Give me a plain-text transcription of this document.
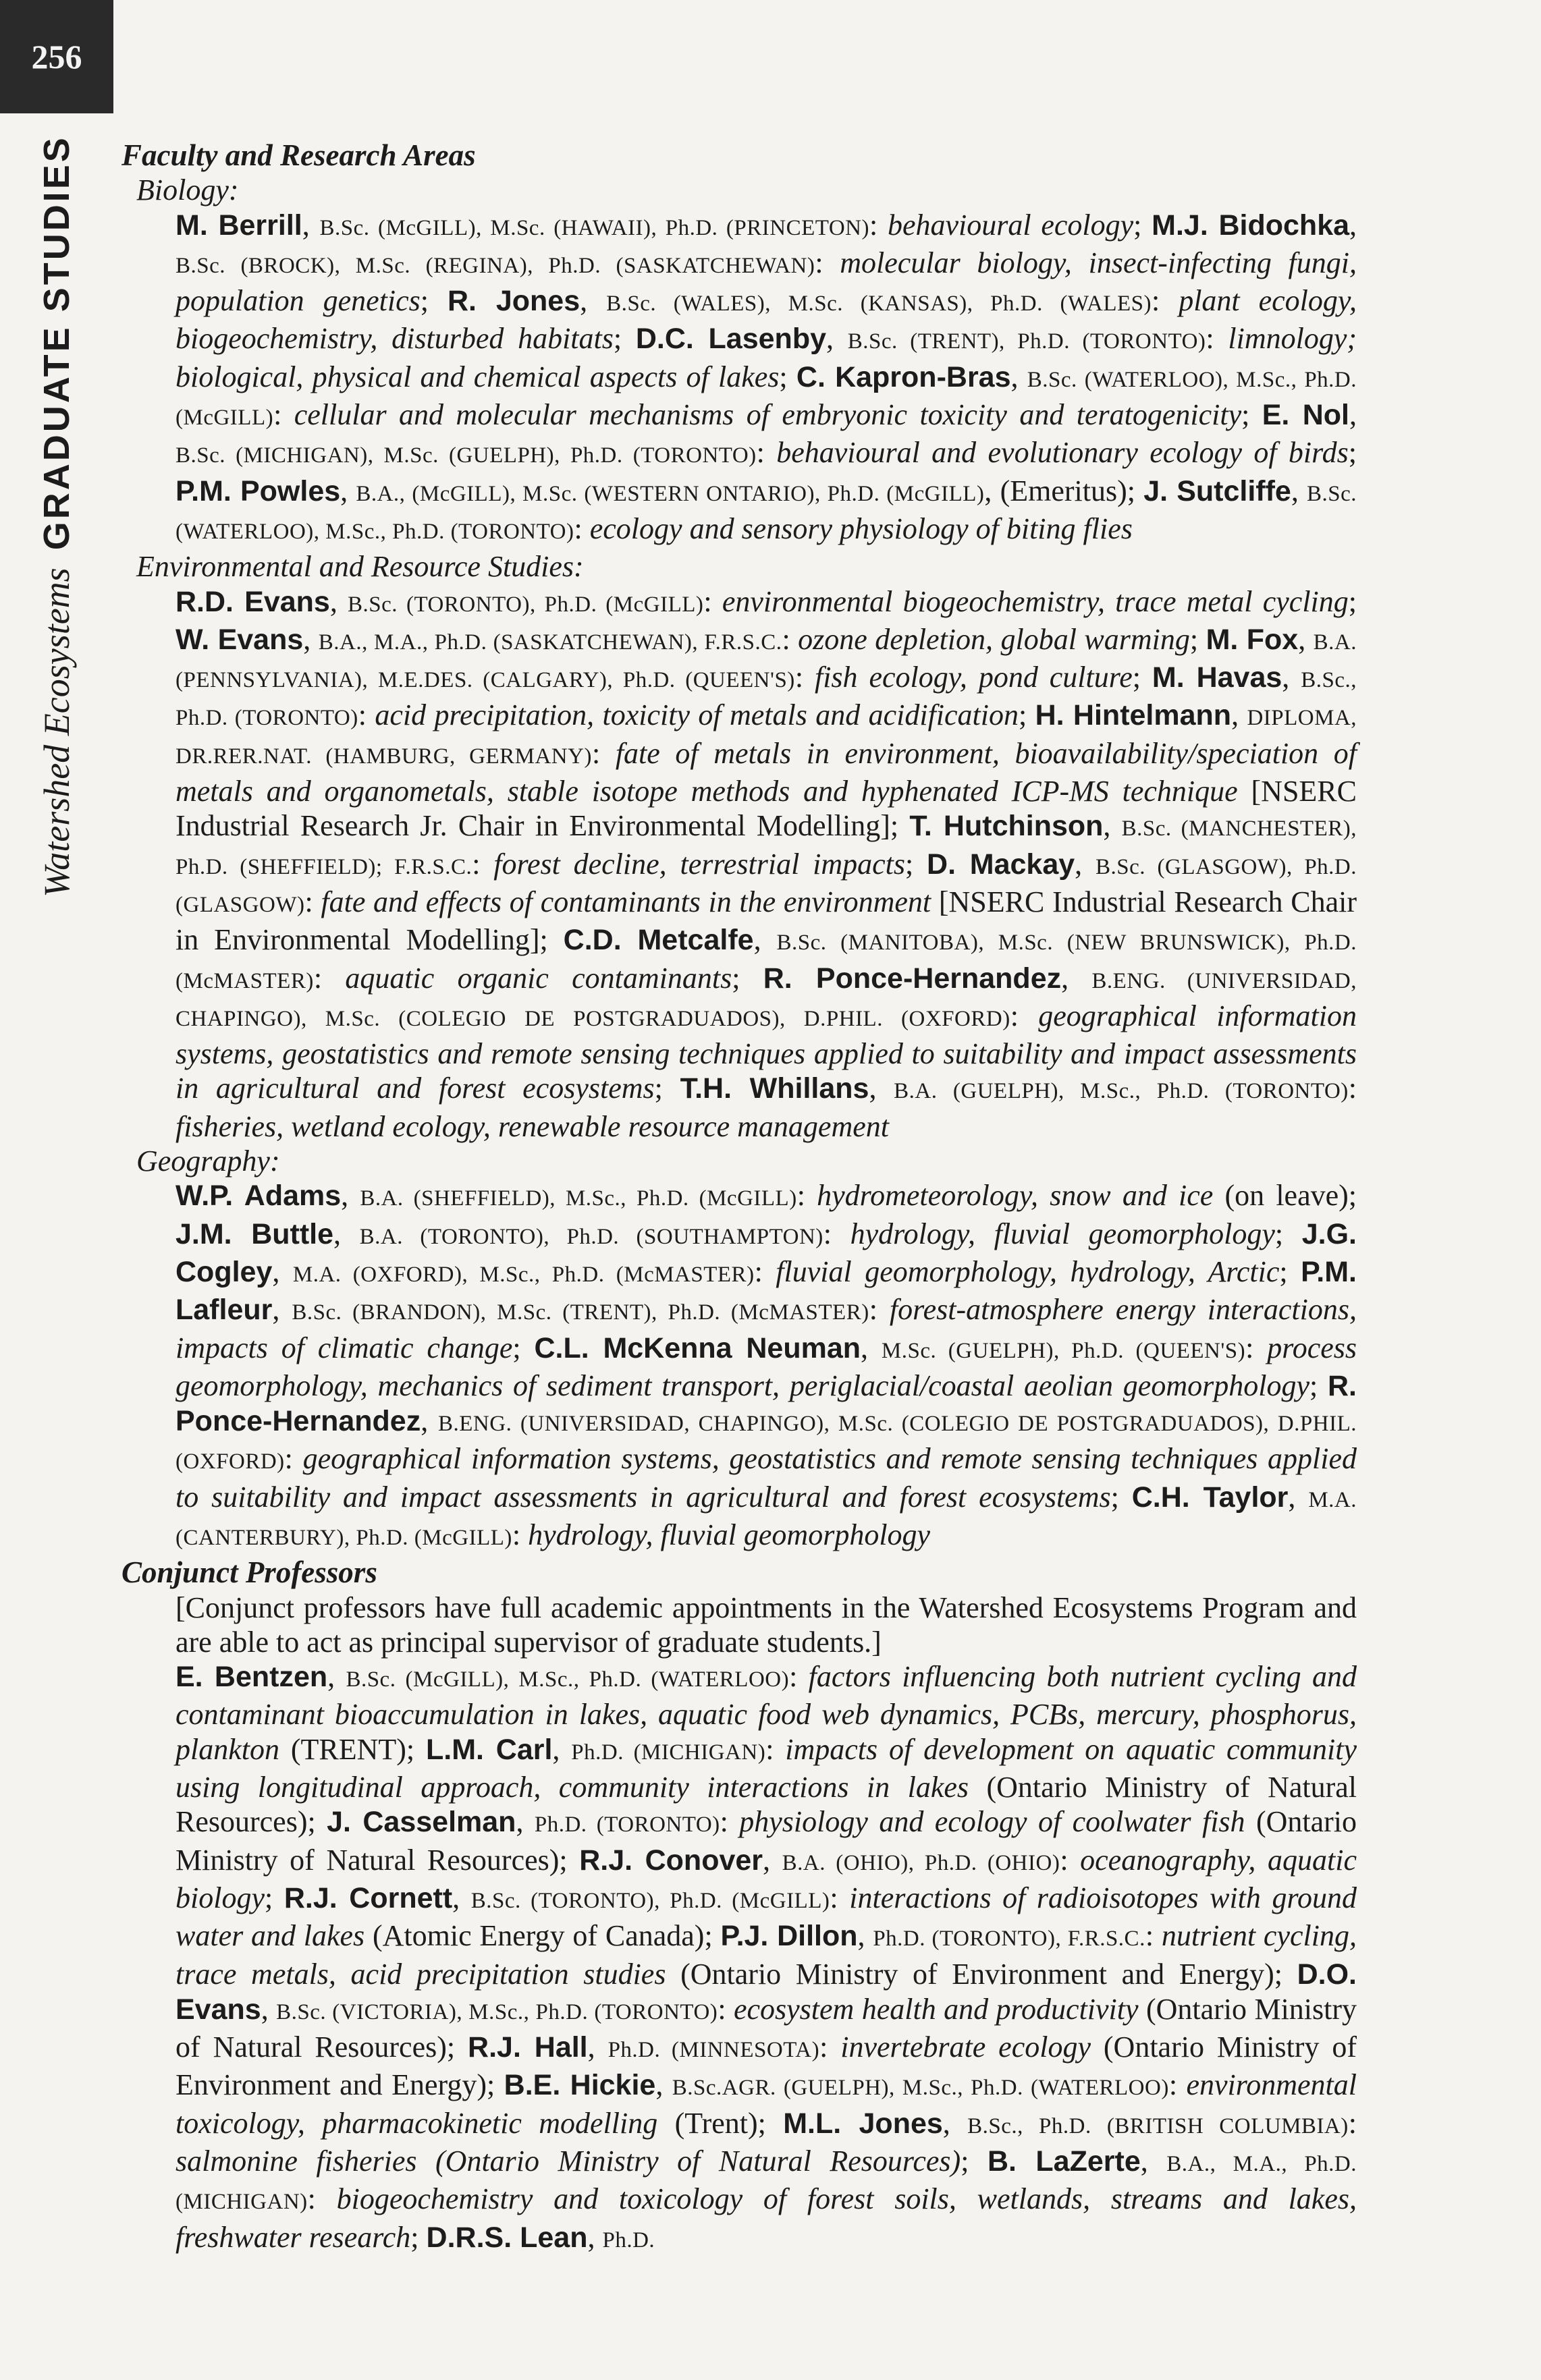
256
Watershed EcosystemsGRADUATE STUDIES Faculty and Research Areas

Biology:

M. Berrill, B.Sc. (McGILL), M.Sc. (HAWAII), Ph.D. (PRINCETON): behavioural ecology; M.J. Bidochka, B.Sc. (BROCK), M.Sc. (REGINA), Ph.D. (SASKATCHEWAN): molecular biology, insect-infecting fungi, population genetics; R. Jones, B.Sc. (WALES), M.Sc. (KANSAS), Ph.D. (WALES): plant ecology, biogeochemistry, disturbed habitats; D.C. Lasenby, B.Sc. (TRENT), Ph.D. (TORONTO): limnology; biological, physical and chemical aspects of lakes; C. Kapron-Bras, B.Sc. (WATERLOO), M.Sc., Ph.D. (McGILL): cellular and molecular mechanisms of embryonic toxicity and teratogenicity; E. Nol, B.Sc. (MICHIGAN), M.Sc. (GUELPH), Ph.D. (TORONTO): behavioural and evolutionary ecology of birds; P.M. Powles, B.A., (McGILL), M.Sc. (WESTERN ONTARIO), Ph.D. (McGILL), (Emeritus); J. Sutcliffe, B.Sc. (WATERLOO), M.Sc., Ph.D. (TORONTO): ecology and sensory physiology of biting flies

Environmental and Resource Studies:

R.D. Evans, B.Sc. (TORONTO), Ph.D. (McGILL): environmental biogeochemistry, trace metal cycling; W. Evans, B.A., M.A., Ph.D. (SASKATCHEWAN), F.R.S.C.: ozone depletion, global warming; M. Fox, B.A. (PENNSYLVANIA), M.E.DES. (CALGARY), Ph.D. (QUEEN'S): fish ecology, pond culture; M. Havas, B.Sc., Ph.D. (TORONTO): acid precipitation, toxicity of metals and acidification; H. Hintelmann, DIPLOMA, DR.RER.NAT. (HAMBURG, GERMANY): fate of metals in environment, bioavailability/speciation of metals and organometals, stable isotope methods and hyphenated ICP-MS technique [NSERC Industrial Research Jr. Chair in Environmental Modelling]; T. Hutchinson, B.Sc. (MANCHESTER), Ph.D. (SHEFFIELD); F.R.S.C.: forest decline, terrestrial impacts; D. Mackay, B.Sc. (GLASGOW), Ph.D. (GLASGOW): fate and effects of contaminants in the environment [NSERC Industrial Research Chair in Environmental Modelling]; C.D. Metcalfe, B.Sc. (MANITOBA), M.Sc. (NEW BRUNSWICK), Ph.D. (McMASTER): aquatic organic contaminants; R. Ponce-Hernandez, B.ENG. (UNIVERSIDAD, CHAPINGO), M.Sc. (COLEGIO DE POSTGRADUADOS), D.PHIL. (OXFORD): geographical information systems, geostatistics and remote sensing techniques applied to suitability and impact assessments in agricultural and forest ecosystems; T.H. Whillans, B.A. (GUELPH), M.Sc., Ph.D. (TORONTO): fisheries, wetland ecology, renewable resource management

Geography:

W.P. Adams, B.A. (SHEFFIELD), M.Sc., Ph.D. (McGILL): hydrometeorology, snow and ice (on leave); J.M. Buttle, B.A. (TORONTO), Ph.D. (SOUTHAMPTON): hydrology, fluvial geomorphology; J.G. Cogley, M.A. (OXFORD), M.Sc., Ph.D. (McMASTER): fluvial geomorphology, hydrology, Arctic; P.M. Lafleur, B.Sc. (BRANDON), M.Sc. (TRENT), Ph.D. (McMASTER): forest-atmosphere energy interactions, impacts of climatic change; C.L. McKenna Neuman, M.Sc. (GUELPH), Ph.D. (QUEEN'S): process geomorphology, mechanics of sediment transport, periglacial/coastal aeolian geomorphology; R. Ponce-Hernandez, B.ENG. (UNIVERSIDAD, CHAPINGO), M.Sc. (COLEGIO DE POSTGRADUADOS), D.PHIL. (OXFORD): geographical information systems, geostatistics and remote sensing techniques applied to suitability and impact assessments in agricultural and forest ecosystems; C.H. Taylor, M.A. (CANTERBURY), Ph.D. (McGILL): hydrology, fluvial geomorphology

Conjunct Professors

[Conjunct professors have full academic appointments in the Watershed Ecosystems Program and are able to act as principal supervisor of graduate students.]
E. Bentzen, B.Sc. (McGILL), M.Sc., Ph.D. (WATERLOO): factors influencing both nutrient cycling and contaminant bioaccumulation in lakes, aquatic food web dynamics, PCBs, mercury, phosphorus, plankton (TRENT); L.M. Carl, Ph.D. (MICHIGAN): impacts of development on aquatic community using longitudinal approach, community interactions in lakes (Ontario Ministry of Natural Resources); J. Casselman, Ph.D. (TORONTO): physiology and ecology of coolwater fish (Ontario Ministry of Natural Resources); R.J. Conover, B.A. (OHIO), Ph.D. (OHIO): oceanography, aquatic biology; R.J. Cornett, B.Sc. (TORONTO), Ph.D. (McGILL): interactions of radioisotopes with ground water and lakes (Atomic Energy of Canada); P.J. Dillon, Ph.D. (TORONTO), F.R.S.C.: nutrient cycling, trace metals, acid precipitation studies (Ontario Ministry of Environment and Energy); D.O. Evans, B.Sc. (VICTORIA), M.Sc., Ph.D. (TORONTO): ecosystem health and productivity (Ontario Ministry of Natural Resources); R.J. Hall, Ph.D. (MINNESOTA): invertebrate ecology (Ontario Ministry of Environment and Energy); B.E. Hickie, B.Sc.AGR. (GUELPH), M.Sc., Ph.D. (WATERLOO): environmental toxicology, pharmacokinetic modelling (Trent); M.L. Jones, B.Sc., Ph.D. (BRITISH COLUMBIA): salmonine fisheries (Ontario Ministry of Natural Resources); B. LaZerte, B.A., M.A., Ph.D. (MICHIGAN): biogeochemistry and toxicology of forest soils, wetlands, streams and lakes, freshwater research; D.R.S. Lean, Ph.D.
